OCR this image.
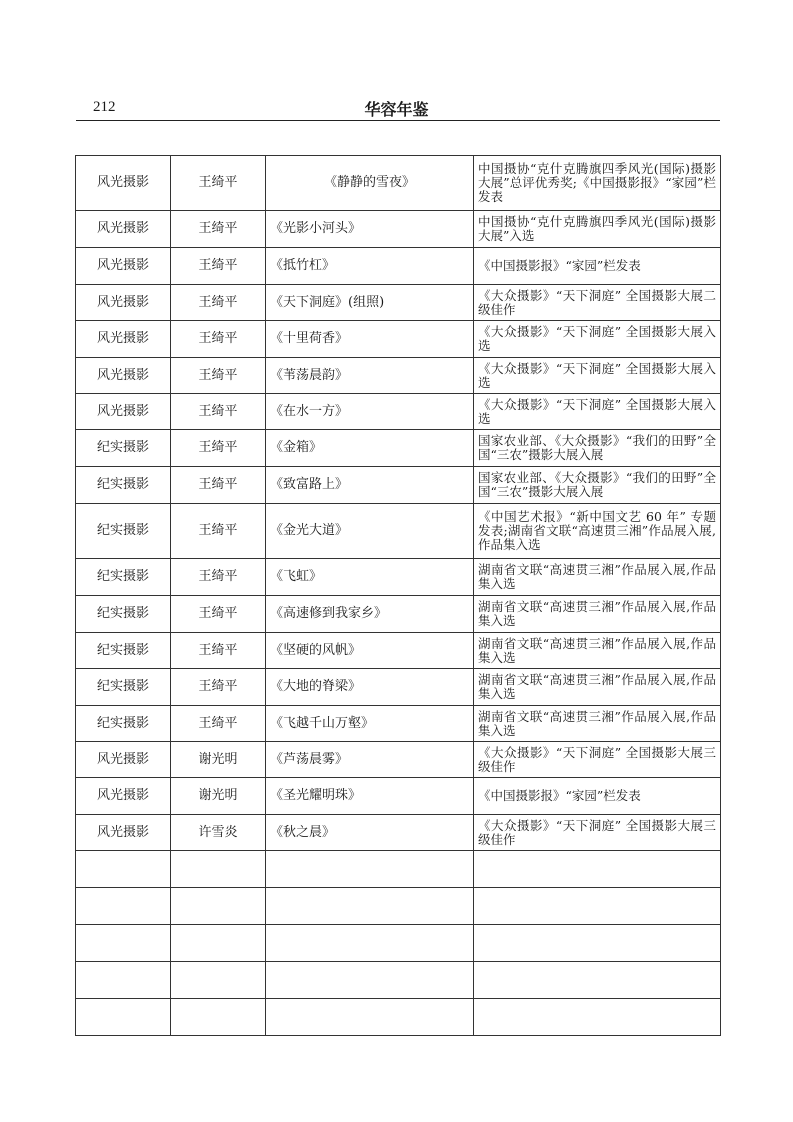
212	华容年鉴
风光摄影	王绮平	《静静的雪夜》	中国摄协“克什克腾旗四季风光(国际)摄影大展”总评优秀奖;《中国摄影报》“家园”栏发表
风光摄影	王绮平	《光影小河头》	中国摄协“克什克腾旗四季风光(国际)摄影大展”入选
风光摄影	王绮平	《抵竹杠》	《中国摄影报》“家园”栏发表
风光摄影	王绮平	《天下洞庭》(组照)	《大众摄影》“天下洞庭” 全国摄影大展二级佳作
风光摄影	王绮平	《十里荷香》	《大众摄影》“天下洞庭” 全国摄影大展入选
风光摄影	王绮平	《苇荡晨韵》	《大众摄影》“天下洞庭” 全国摄影大展入选
风光摄影	王绮平	《在水一方》	《大众摄影》“天下洞庭” 全国摄影大展入选
纪实摄影	王绮平	《金箱》	国家农业部、《大众摄影》“我们的田野”全国“三农”摄影大展入展
纪实摄影	王绮平	《致富路上》	国家农业部、《大众摄影》“我们的田野”全国“三农”摄影大展入展
纪实摄影	王绮平	《金光大道》	《中国艺术报》“新中国文艺 60 年” 专题发表;湖南省文联“高速贯三湘”作品展入展,作品集入选
纪实摄影	王绮平	《飞虹》	湖南省文联“高速贯三湘”作品展入展,作品集入选
纪实摄影	王绮平	《高速修到我家乡》	湖南省文联“高速贯三湘”作品展入展,作品集入选
纪实摄影	王绮平	《坚硬的风帆》	湖南省文联“高速贯三湘”作品展入展,作品集入选
纪实摄影	王绮平	《大地的脊梁》	湖南省文联“高速贯三湘”作品展入展,作品集入选
纪实摄影	王绮平	《飞越千山万壑》	湖南省文联“高速贯三湘”作品展入展,作品集入选
风光摄影	谢光明	《芦荡晨雾》	《大众摄影》“天下洞庭” 全国摄影大展三级佳作
风光摄影	谢光明	《圣光耀明珠》	《中国摄影报》“家园”栏发表
风光摄影	许雪炎	《秋之晨》	《大众摄影》“天下洞庭” 全国摄影大展三级佳作
